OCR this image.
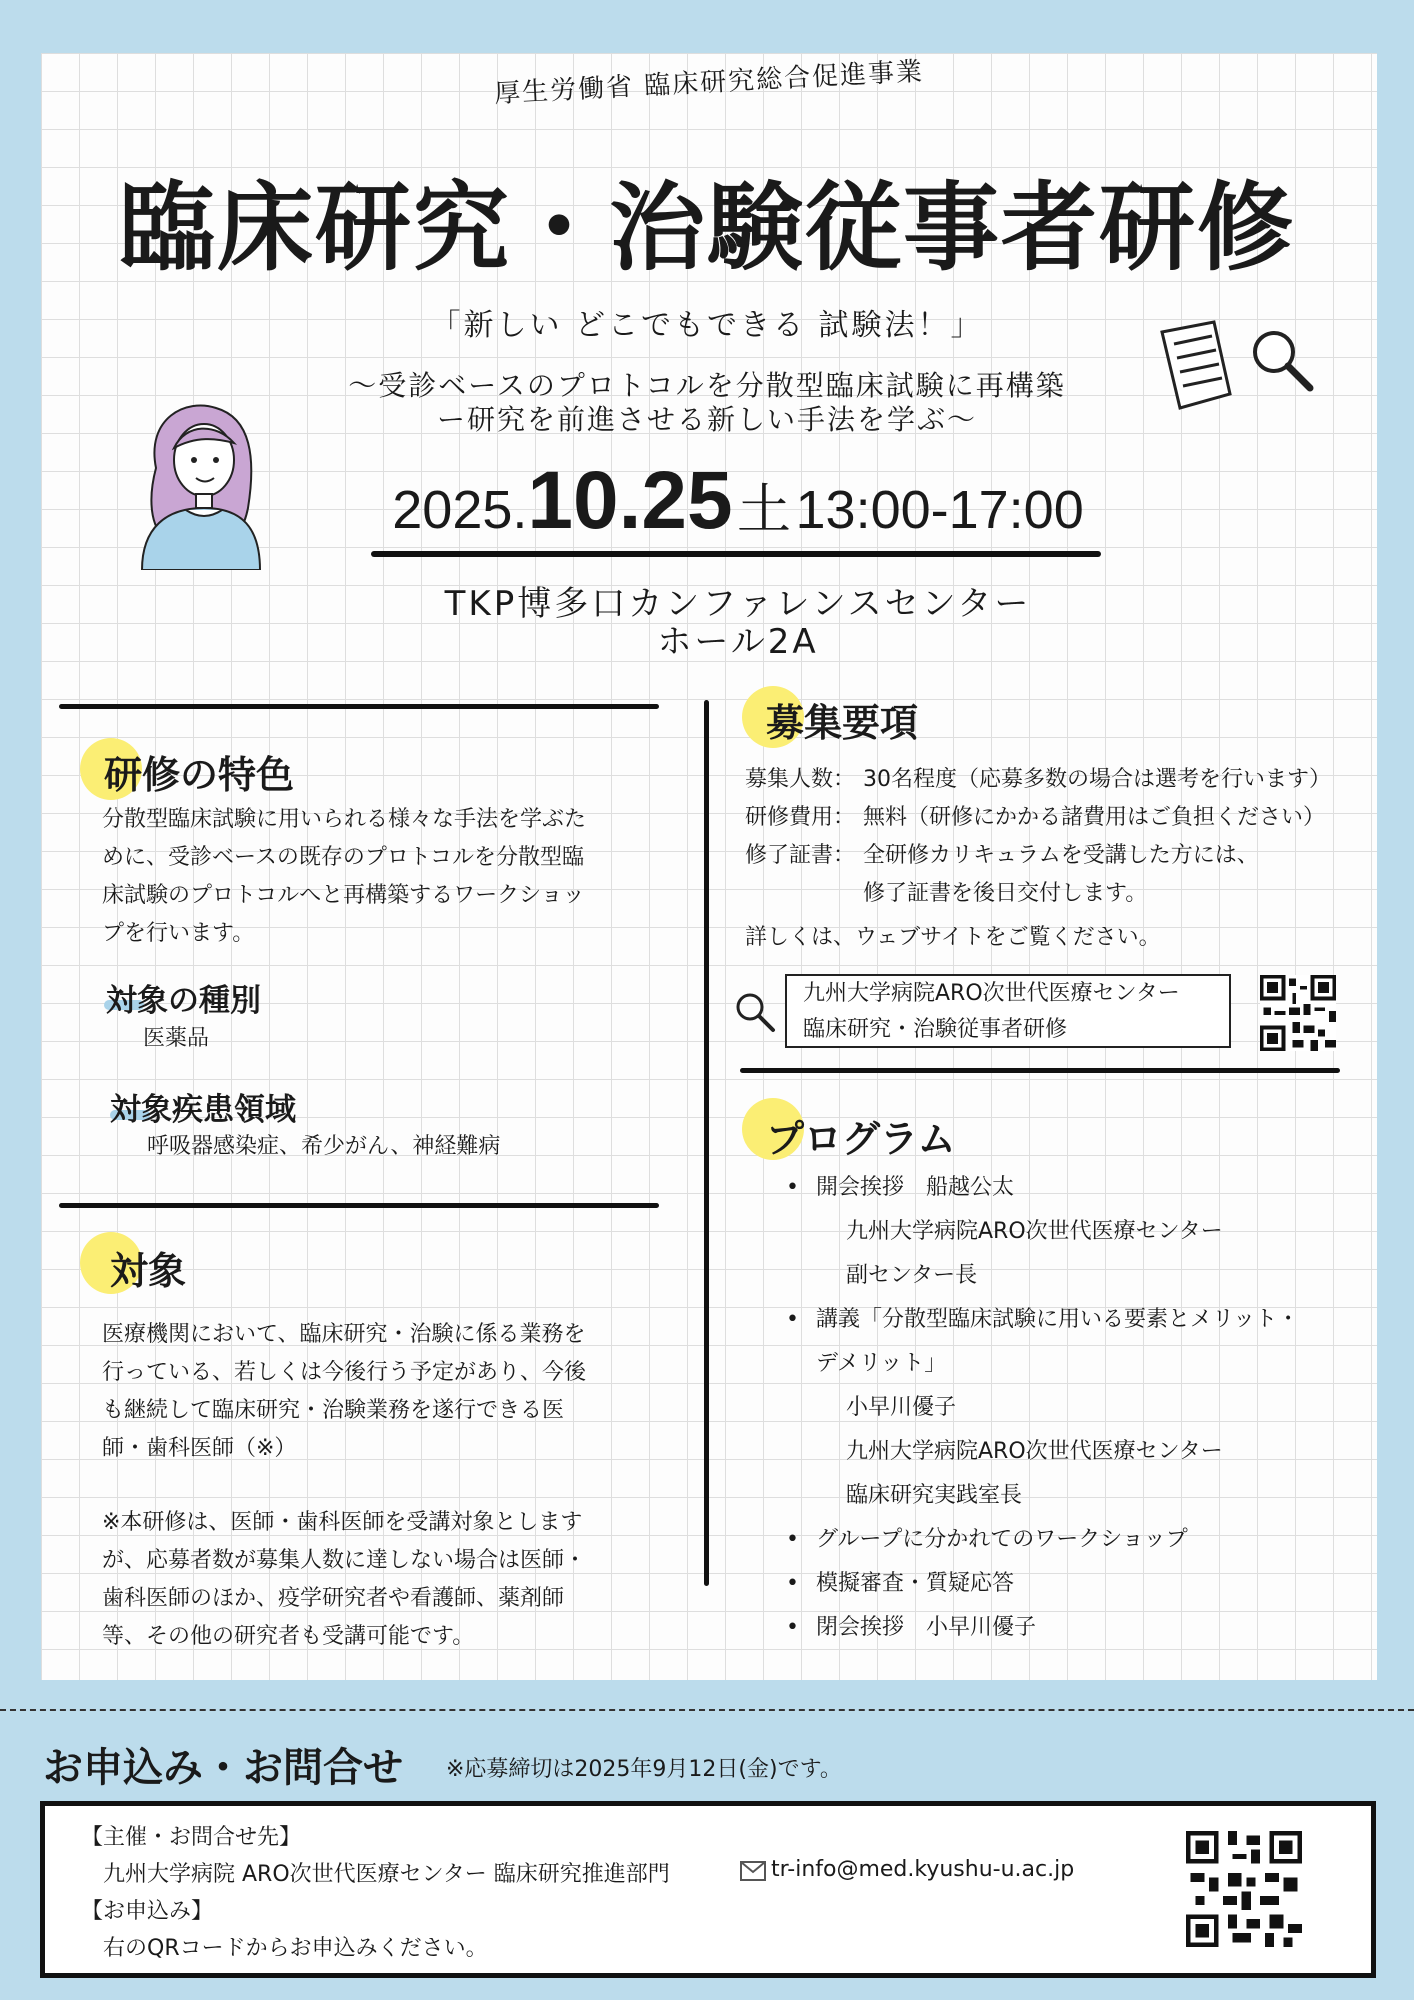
厚生労働省 臨床研究総合促進事業
臨床研究・治験従事者研修
「新しい どこでもできる 試験法！」
〜受診ベースのプロトコルを分散型臨床試験に再構築
ー研究を前進させる新しい手法を学ぶ〜
2025.10.25 土 13:00-17:00
TKP博多口カンファレンスセンター
ホール2A
研修の特色
分散型臨床試験に用いられる様々な手法を学ぶた
めに、受診ベースの既存のプロトコルを分散型臨
床試験のプロトコルへと再構築するワークショッ
プを行います。
対象の種別
医薬品
対象疾患領域
呼吸器感染症、希少がん、神経難病
対象
医療機関において、臨床研究・治験に係る業務を
行っている、若しくは今後行う予定があり、今後
も継続して臨床研究・治験業務を遂行できる医
師・歯科医師（※）
※本研修は、医師・歯科医師を受講対象とします
が、応募者数が募集人数に達しない場合は医師・
歯科医師のほか、疫学研究者や看護師、薬剤師
等、その他の研究者も受講可能です。
募集要項
募集人数： 30名程度（応募多数の場合は選考を行います）
研修費用： 無料（研修にかかる諸費用はご負担ください）
修了証書： 全研修カリキュラムを受講した方には、
修了証書を後日交付します。
詳しくは、ウェブサイトをご覧ください。
九州大学病院ARO次世代医療センター
臨床研究・治験従事者研修
プログラム
• 開会挨拶　船越公太
九州大学病院ARO次世代医療センター
副センター長
• 講義「分散型臨床試験に用いる要素とメリット・
デメリット」
小早川優子
九州大学病院ARO次世代医療センター
臨床研究実践室長
• グループに分かれてのワークショップ
• 模擬審査・質疑応答
• 閉会挨拶　小早川優子
お申込み・お問合せ ※応募締切は2025年9月12日(金)です。
【主催・お問合せ先】
九州大学病院 ARO次世代医療センター 臨床研究推進部門	tr-info@med.kyushu-u.ac.jp
【お申込み】
右のQRコードからお申込みください。
